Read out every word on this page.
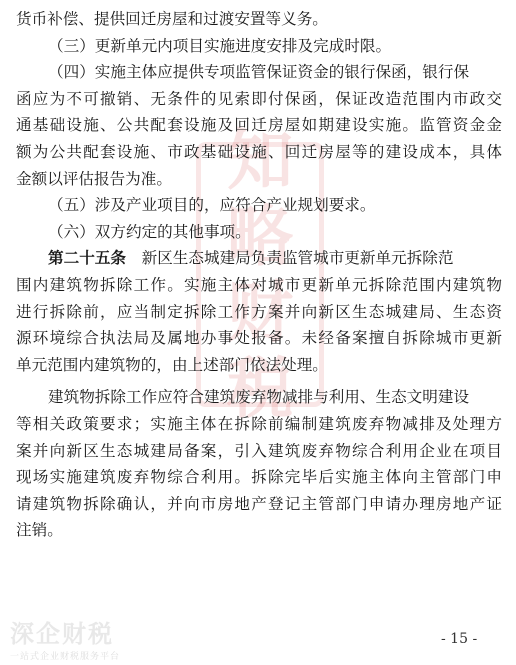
知
略
财
税
货币补偿、提供回迁房屋和过渡安置等义务。
（三）更新单元内项目实施进度安排及完成时限。
（四）实施主体应提供专项监管保证资金的银行保函，银行保
函应为不可撤销、无条件的见索即付保函，保证改造范围内市政交
通基础设施、公共配套设施及回迁房屋如期建设实施。监管资金金
额为公共配套设施、市政基础设施、回迁房屋等的建设成本，具体
金额以评估报告为准。
（五）涉及产业项目的，应符合产业规划要求。
（六）双方约定的其他事项。
第二十五条　 新区生态城建局负责监管城市更新单元拆除范
围内建筑物拆除工作。实施主体对城市更新单元拆除范围内建筑物
进行拆除前，应当制定拆除工作方案并向新区生态城建局、生态资
源环境综合执法局及属地办事处报备。未经备案擅自拆除城市更新
单元范围内建筑物的，由上述部门依法处理。
建筑物拆除工作应符合建筑废弃物减排与利用、生态文明建设
等相关政策要求；实施主体在拆除前编制建筑废弃物减排及处理方
案并向新区生态城建局备案，引入建筑废弃物综合利用企业在项目
现场实施建筑废弃物综合利用。拆除完毕后实施主体向主管部门申
请建筑物拆除确认，并向市房地产登记主管部门申请办理房地产证
注销。
深企财税
一站式企业财税服务平台
- 15 -
